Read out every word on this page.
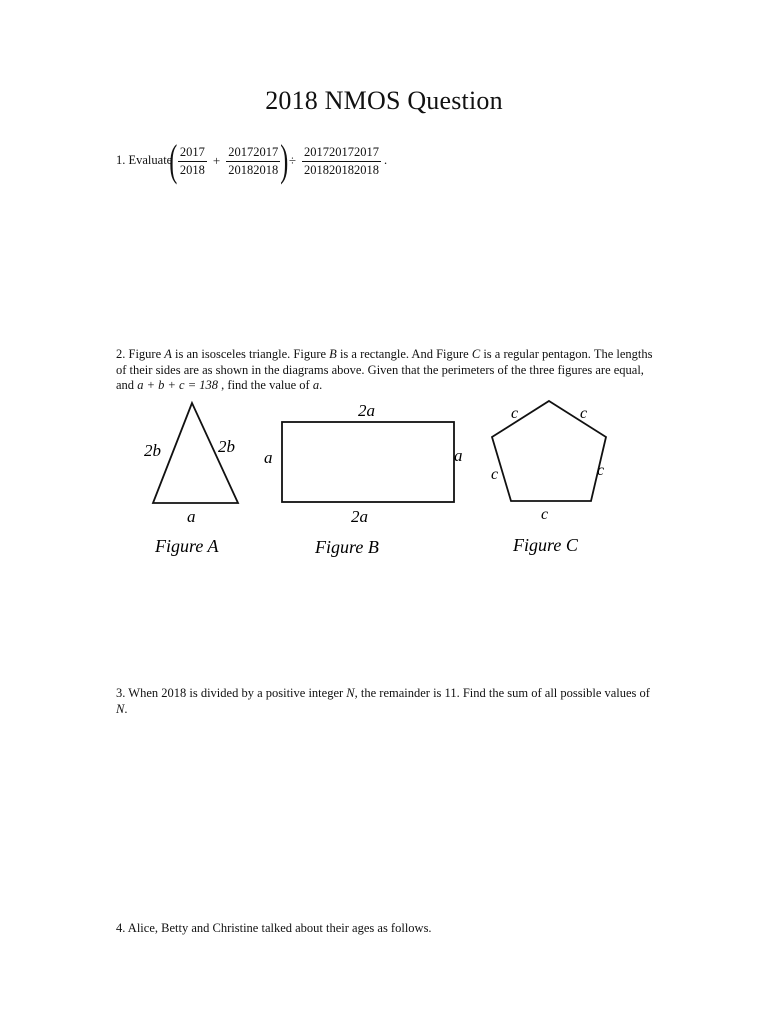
2018 NMOS Question
1. Evaluate
( $\frac{2017}{2018} + \frac{20172017}{20182018}$ ) ÷ $\frac{201720172017}{201820182018}$ .
2. Figure A is an isosceles triangle. Figure B is a rectangle. And Figure C is a regular pentagon. The lengths of their sides are as shown in the diagrams above. Given that the perimeters of the three figures are equal, and a + b + c = 138 , find the value of a.
2b	2b
a
Figure A
2a
2a
a	a
Figure B
c	c
c	c
c
Figure C
3. When 2018 is divided by a positive integer N, the remainder is 11. Find the sum of all possible values of N.
4. Alice, Betty and Christine talked about their ages as follows.
